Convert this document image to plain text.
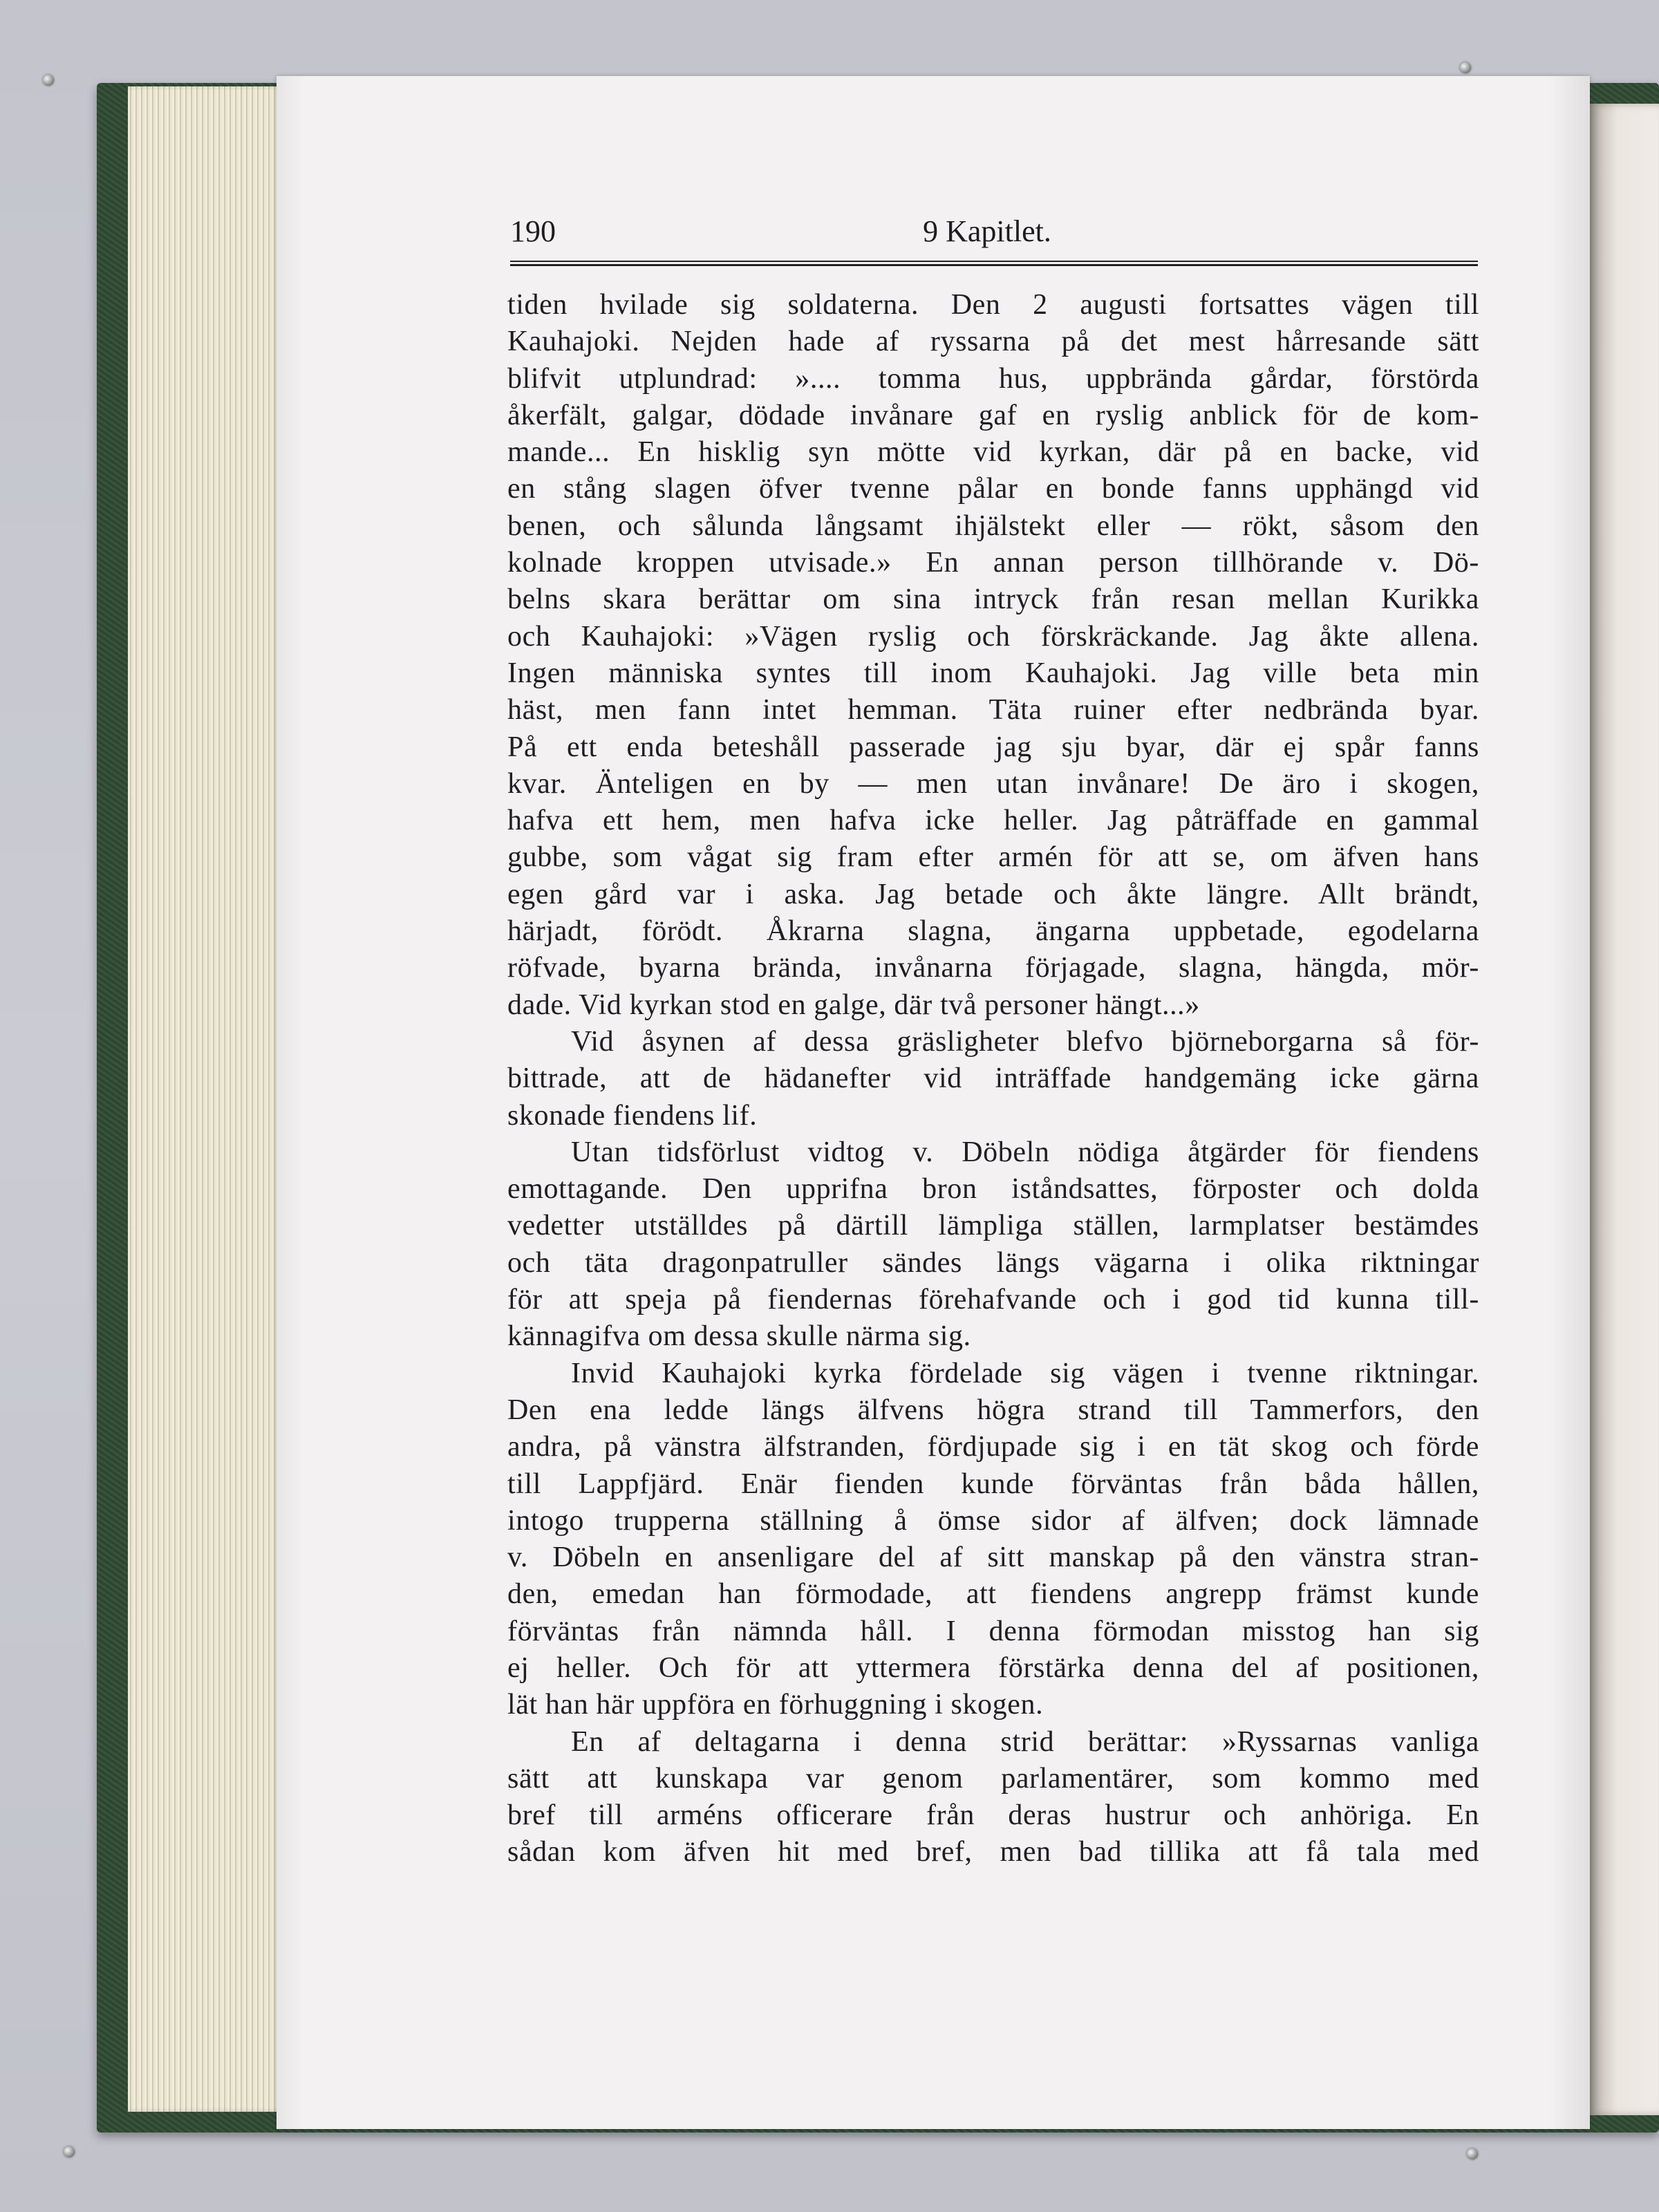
190	9 Kapitlet.
tiden hvilade sig soldaterna. Den 2 augusti fortsattes vägen till
Kauhajoki. Nejden hade af ryssarna på det mest hårresande sätt
blifvit utplundrad: ».... tomma hus, uppbrända gårdar, förstörda
åkerfält, galgar, dödade invånare gaf en ryslig anblick för de kom-
mande... En hisklig syn mötte vid kyrkan, där på en backe, vid
en stång slagen öfver tvenne pålar en bonde fanns upphängd vid
benen, och sålunda långsamt ihjälstekt eller — rökt, såsom den
kolnade kroppen utvisade.» En annan person tillhörande v. Dö-
belns skara berättar om sina intryck från resan mellan Kurikka
och Kauhajoki: »Vägen ryslig och förskräckande. Jag åkte allena.
Ingen människa syntes till inom Kauhajoki. Jag ville beta min
häst, men fann intet hemman. Täta ruiner efter nedbrända byar.
På ett enda beteshåll passerade jag sju byar, där ej spår fanns
kvar. Änteligen en by — men utan invånare! De äro i skogen,
hafva ett hem, men hafva icke heller. Jag påträffade en gammal
gubbe, som vågat sig fram efter armén för att se, om äfven hans
egen gård var i aska. Jag betade och åkte längre. Allt brändt,
härjadt, förödt. Åkrarna slagna, ängarna uppbetade, egodelarna
röfvade, byarna brända, invånarna förjagade, slagna, hängda, mör-
dade. Vid kyrkan stod en galge, där två personer hängt...»
Vid åsynen af dessa gräsligheter blefvo björneborgarna så för-
bittrade, att de hädanefter vid inträffade handgemäng icke gärna
skonade fiendens lif.
Utan tidsförlust vidtog v. Döbeln nödiga åtgärder för fiendens
emottagande. Den upprifna bron iståndsattes, förposter och dolda
vedetter utställdes på därtill lämpliga ställen, larmplatser bestämdes
och täta dragonpatruller sändes längs vägarna i olika riktningar
för att speja på fiendernas förehafvande och i god tid kunna till-
kännagifva om dessa skulle närma sig.
Invid Kauhajoki kyrka fördelade sig vägen i tvenne riktningar.
Den ena ledde längs älfvens högra strand till Tammerfors, den
andra, på vänstra älfstranden, fördjupade sig i en tät skog och förde
till Lappfjärd. Enär fienden kunde förväntas från båda hållen,
intogo trupperna ställning å ömse sidor af älfven; dock lämnade
v. Döbeln en ansenligare del af sitt manskap på den vänstra stran-
den, emedan han förmodade, att fiendens angrepp främst kunde
förväntas från nämnda håll. I denna förmodan misstog han sig
ej heller. Och för att yttermera förstärka denna del af positionen,
lät han här uppföra en förhuggning i skogen.
En af deltagarna i denna strid berättar: »Ryssarnas vanliga
sätt att kunskapa var genom parlamentärer, som kommo med
bref till arméns officerare från deras hustrur och anhöriga. En
sådan kom äfven hit med bref, men bad tillika att få tala med
